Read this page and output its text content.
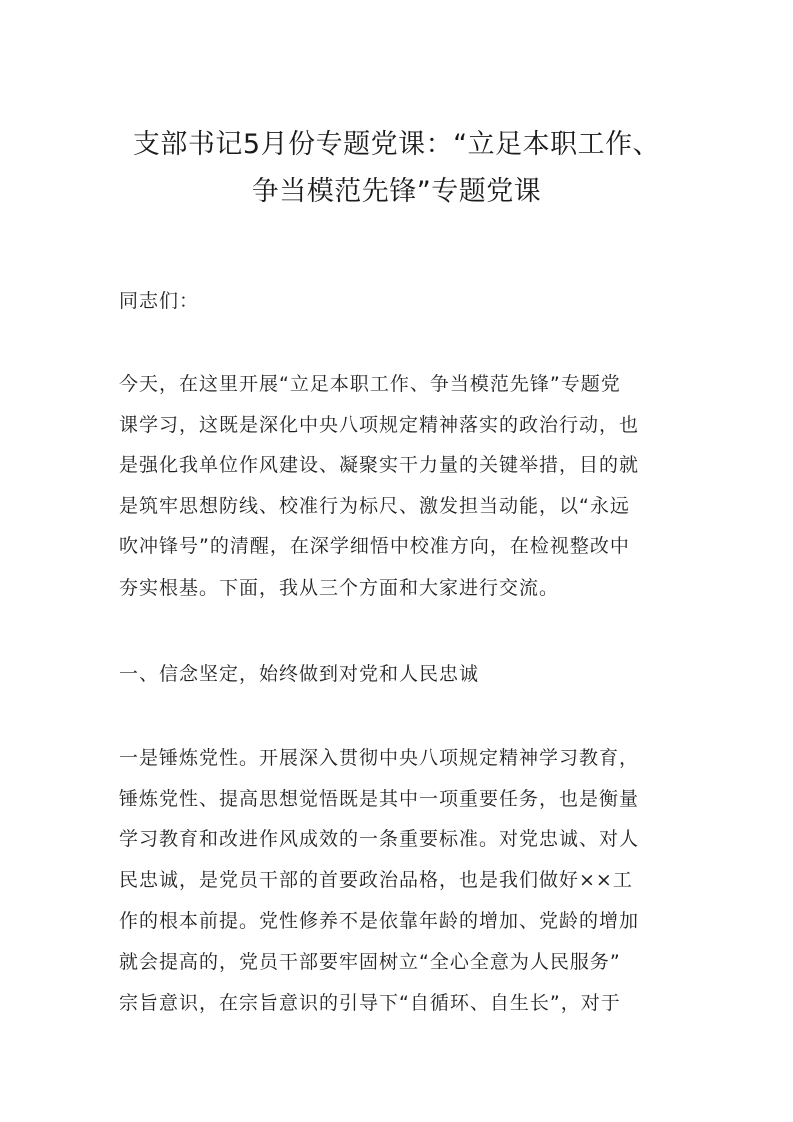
支部书记5月份专题党课：“立足本职工作、
争当模范先锋”专题党课
同志们：
今天，在这里开展“立足本职工作、争当模范先锋”专题党
课学习，这既是深化中央八项规定精神落实的政治行动，也
是强化我单位作风建设、凝聚实干力量的关键举措，目的就
是筑牢思想防线、校准行为标尺、激发担当动能，以“永远
吹冲锋号”的清醒，在深学细悟中校准方向，在检视整改中
夯实根基。下面，我从三个方面和大家进行交流。
一、信念坚定，始终做到对党和人民忠诚
一是锤炼党性。开展深入贯彻中央八项规定精神学习教育，
锤炼党性、提高思想觉悟既是其中一项重要任务，也是衡量
学习教育和改进作风成效的一条重要标准。对党忠诚、对人
民忠诚，是党员干部的首要政治品格，也是我们做好××工
作的根本前提。党性修养不是依靠年龄的增加、党龄的增加
就会提高的，党员干部要牢固树立“全心全意为人民服务”
宗旨意识，在宗旨意识的引导下“自循环、自生长”，对于
